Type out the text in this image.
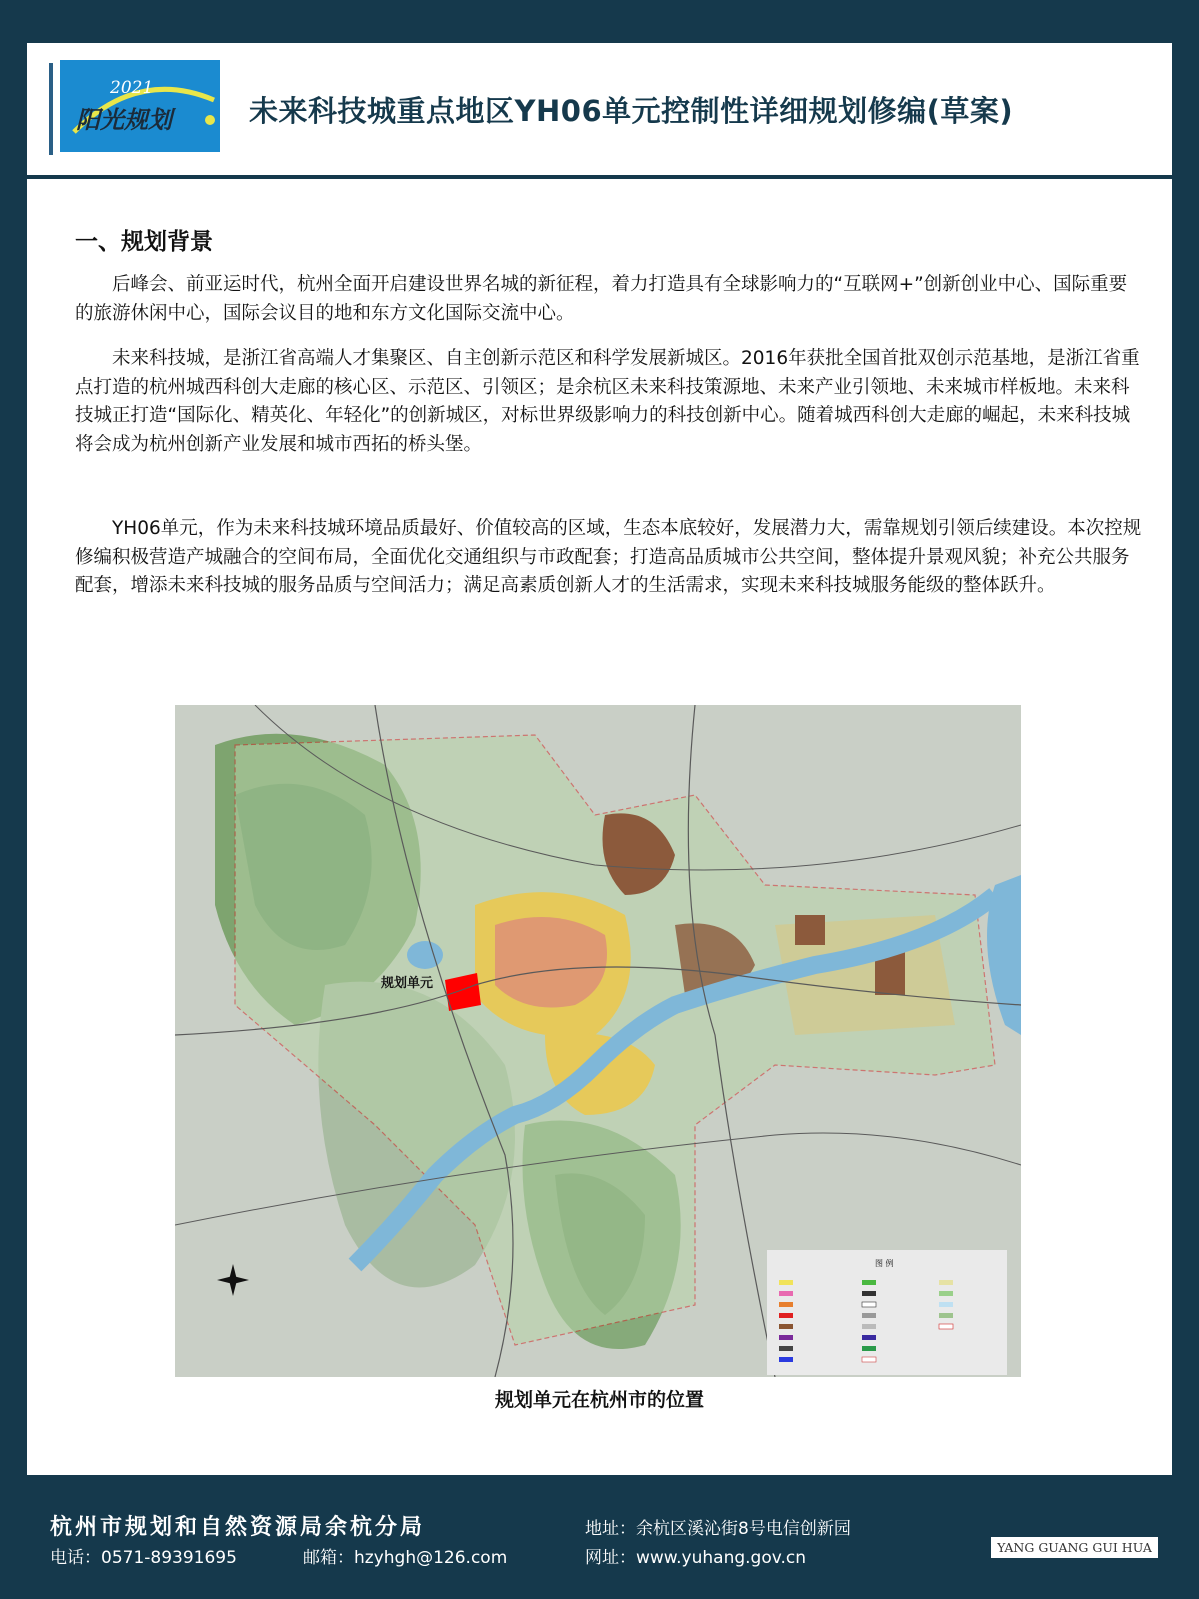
2021
阳光规划	未来科技城重点地区YH06单元控制性详细规划修编(草案)
一、规划背景

后峰会、前亚运时代，杭州全面开启建设世界名城的新征程，着力打造具有全球影响力的“互联网+”创新创业中心、国际重要的旅游休闲中心，国际会议目的地和东方文化国际交流中心。

未来科技城，是浙江省高端人才集聚区、自主创新示范区和科学发展新城区。2016年获批全国首批双创示范基地，是浙江省重点打造的杭州城西科创大走廊的核心区、示范区、引领区；是余杭区未来科技策源地、未来产业引领地、未来城市样板地。未来科技城正打造“国际化、精英化、年轻化”的创新城区，对标世界级影响力的科技创新中心。随着城西科创大走廊的崛起，未来科技城将会成为杭州创新产业发展和城市西拓的桥头堡。

YH06单元，作为未来科技城环境品质最好、价值较高的区域，生态本底较好，发展潜力大，需靠规划引领后续建设。本次控规修编积极营造产城融合的空间布局，全面优化交通组织与市政配套；打造高品质城市公共空间，整体提升景观风貌；补充公共服务配套，增添未来科技城的服务品质与空间活力；满足高素质创新人才的生活需求，实现未来科技城服务能级的整体跃升。

图 例
规划单元
规划单元在杭州市的位置
杭州市规划和自然资源局余杭分局
电话：0571-89391695	邮箱：hzyhgh@126.com
地址：余杭区溪沁街8号电信创新园
网址：www.yuhang.gov.cn
YANG GUANG GUI HUA
